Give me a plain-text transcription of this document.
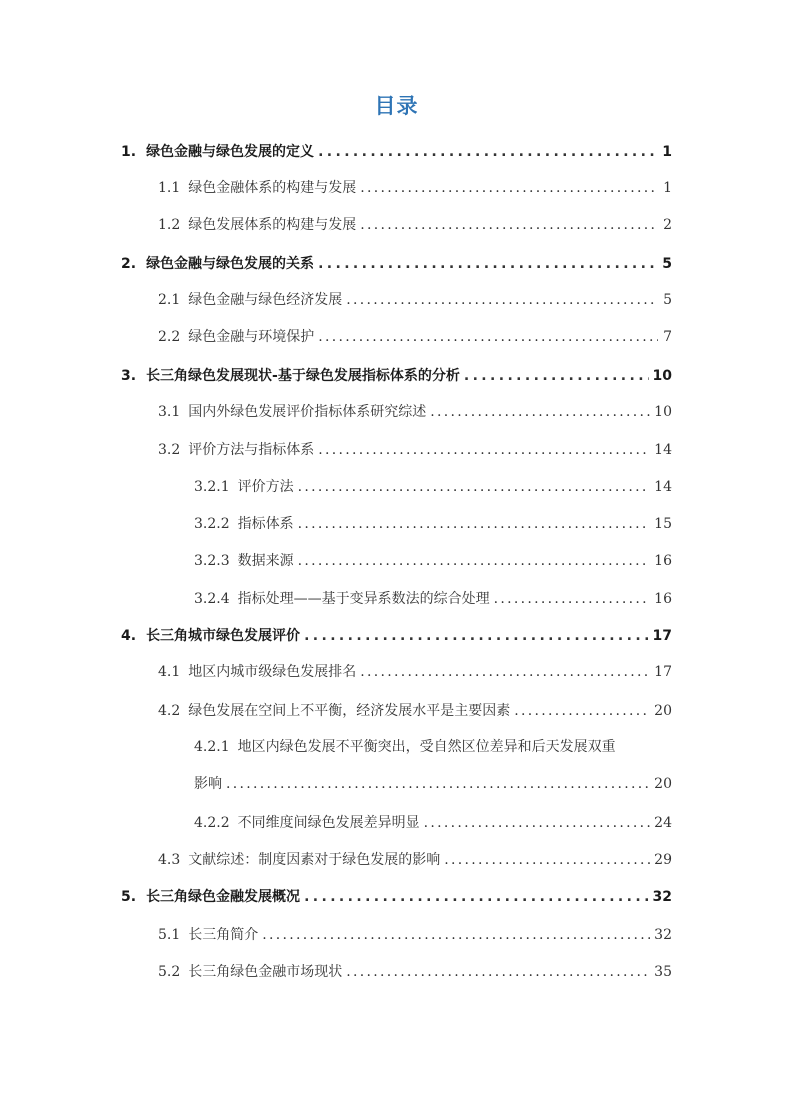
目录
1. 绿色金融与绿色发展的定义 .....	1
1.1 绿色金融体系的构建与发展 .....	1
1.2 绿色发展体系的构建与发展 .....	2
2. 绿色金融与绿色发展的关系 .....	5
2.1 绿色金融与绿色经济发展 .....	5
2.2 绿色金融与环境保护 .....	7
3. 长三角绿色发展现状-基于绿色发展指标体系的分析 .....	10
3.1 国内外绿色发展评价指标体系研究综述 .....	10
3.2 评价方法与指标体系 .....	14
3.2.1 评价方法 .....	14
3.2.2 指标体系 .....	15
3.2.3 数据来源 .....	16
3.2.4 指标处理——基于变异系数法的综合处理 .....	16
4. 长三角城市绿色发展评价 .....	17
4.1 地区内城市级绿色发展排名 .....	17
4.2 绿色发展在空间上不平衡，经济发展水平是主要因素 .....	20
4.2.1 地区内绿色发展不平衡突出，受自然区位差异和后天发展双重
影响 .....	20
4.2.2 不同维度间绿色发展差异明显 .....	24
4.3 文献综述：制度因素对于绿色发展的影响 .....	29
5. 长三角绿色金融发展概况 .....	32
5.1 长三角简介 .....	32
5.2 长三角绿色金融市场现状 .....	35
